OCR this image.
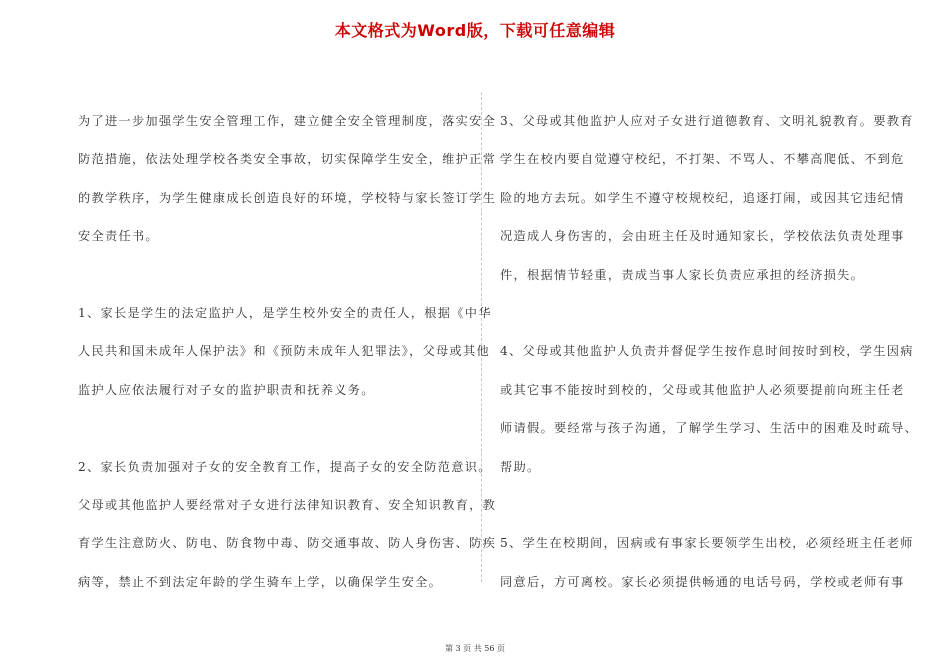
本文格式为Word版，下载可任意编辑

为了进一步加强学生安全管理工作，建立健全安全管理制度，落实安全
防范措施，依法处理学校各类安全事故，切实保障学生安全，维护正常
的教学秩序，为学生健康成长创造良好的环境，学校特与家长签订学生
安全责任书。

1、家长是学生的法定监护人，是学生校外安全的责任人，根据《中华
人民共和国未成年人保护法》和《预防未成年人犯罪法》，父母或其他
监护人应依法履行对子女的监护职责和抚养义务。

2、家长负责加强对子女的安全教育工作，提高子女的安全防范意识。
父母或其他监护人要经常对子女进行法律知识教育、安全知识教育，教
育学生注意防火、防电、防食物中毒、防交通事故、防人身伤害、防疾
病等，禁止不到法定年龄的学生骑车上学，以确保学生安全。

3、父母或其他监护人应对子女进行道德教育、文明礼貌教育。要教育
学生在校内要自觉遵守校纪，不打架、不骂人、不攀高爬低、不到危
险的地方去玩。如学生不遵守校规校纪，追逐打闹，或因其它违纪情
况造成人身伤害的，会由班主任及时通知家长，学校依法负责处理事
件，根据情节轻重，责成当事人家长负责应承担的经济损失。

4、父母或其他监护人负责并督促学生按作息时间按时到校，学生因病
或其它事不能按时到校的，父母或其他监护人必须要提前向班主任老
师请假。要经常与孩子沟通，了解学生学习、生活中的困难及时疏导、
帮助。

5、学生在校期间，因病或有事家长要领学生出校，必须经班主任老师
同意后，方可离校。家长必须提供畅通的电话号码，学校或老师有事

第 3 页 共 56 页
